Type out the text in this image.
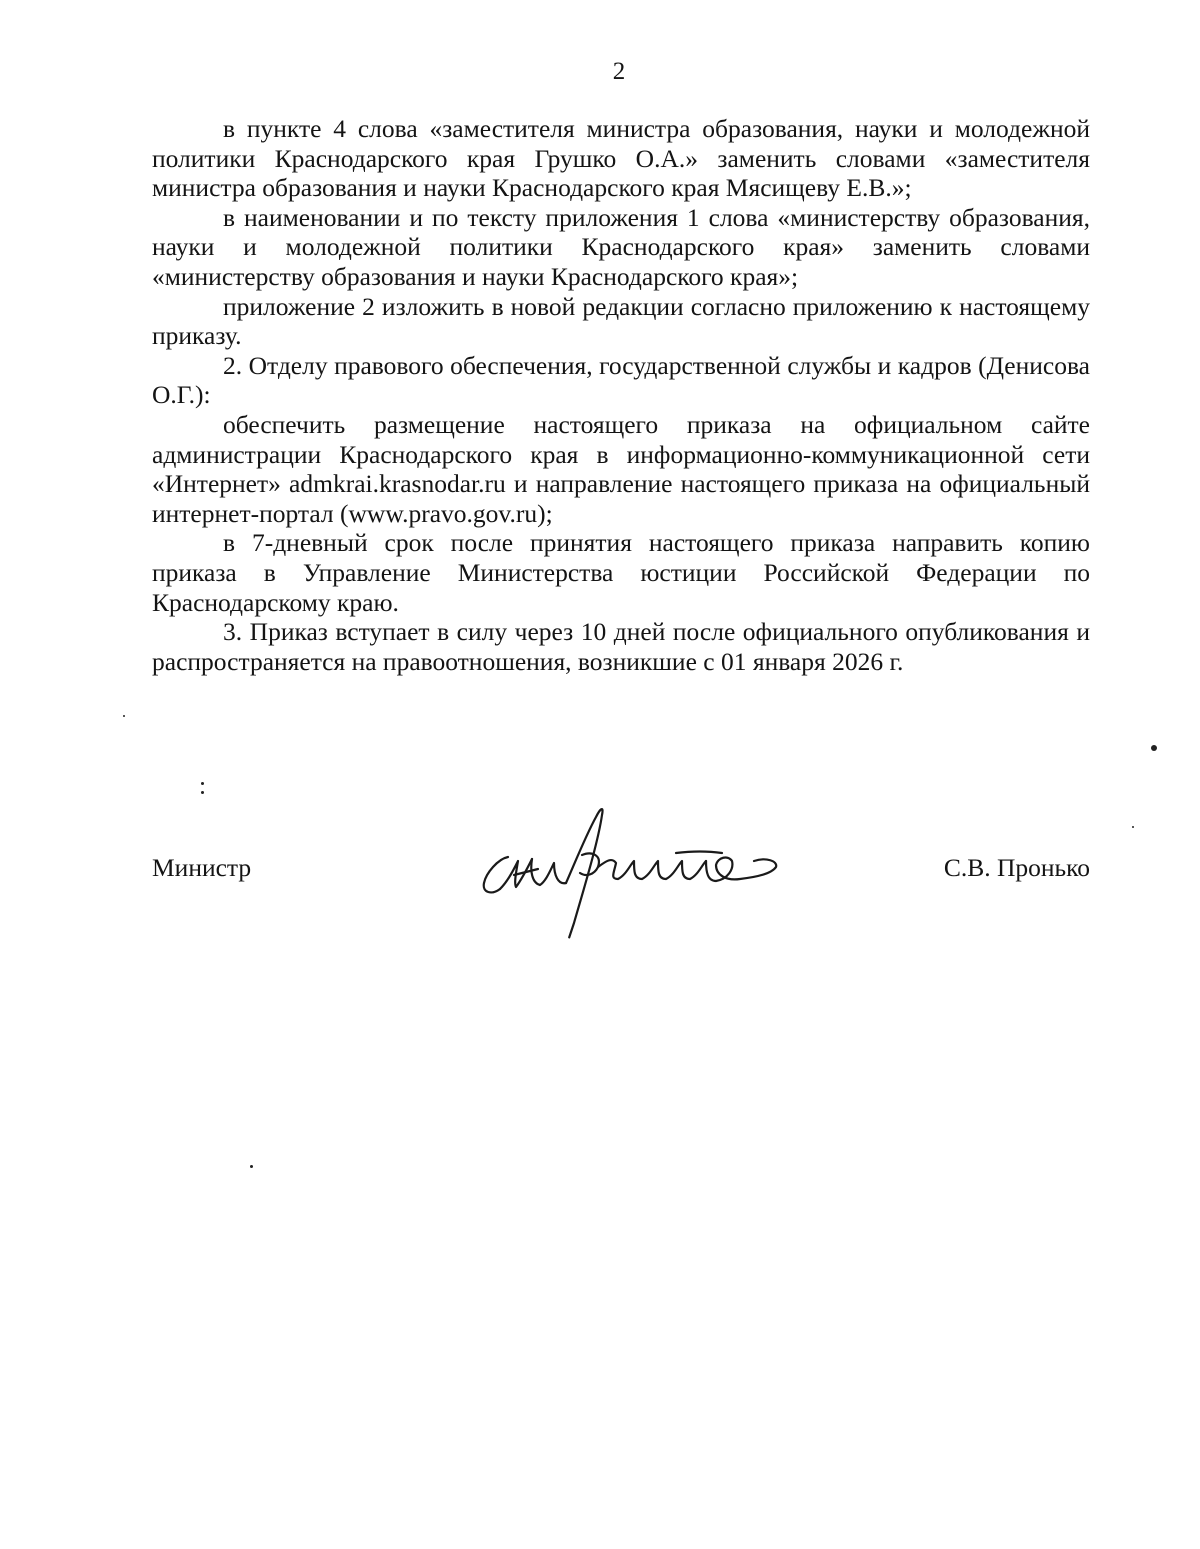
2

в пункте 4 слова «заместителя министра образования, науки и молодежной политики Краснодарского края Грушко О.А.» заменить словами «заместителя министра образования и науки Краснодарского края Мясищеву Е.В.»;

в наименовании и по тексту приложения 1 слова «министерству образования, науки и молодежной политики Краснодарского края» заменить словами «министерству образования и науки Краснодарского края»;

приложение 2 изложить в новой редакции согласно приложению к настоящему приказу.

2. Отделу правового обеспечения, государственной службы и кадров (Денисова О.Г.):

обеспечить размещение настоящего приказа на официальном сайте администрации Краснодарского края в информационно-коммуникационной сети «Интернет» admkrai.krasnodar.ru и направление настоящего приказа на официальный интернет-портал (www.pravo.gov.ru);

в 7-дневный срок после принятия настоящего приказа направить копию приказа в Управление Министерства юстиции Российской Федерации по Краснодарскому краю.

3. Приказ вступает в силу через 10 дней после официального опубликования и распространяется на правоотношения, возникшие с 01 января 2026 г.

Министр	С.В. Пронько
